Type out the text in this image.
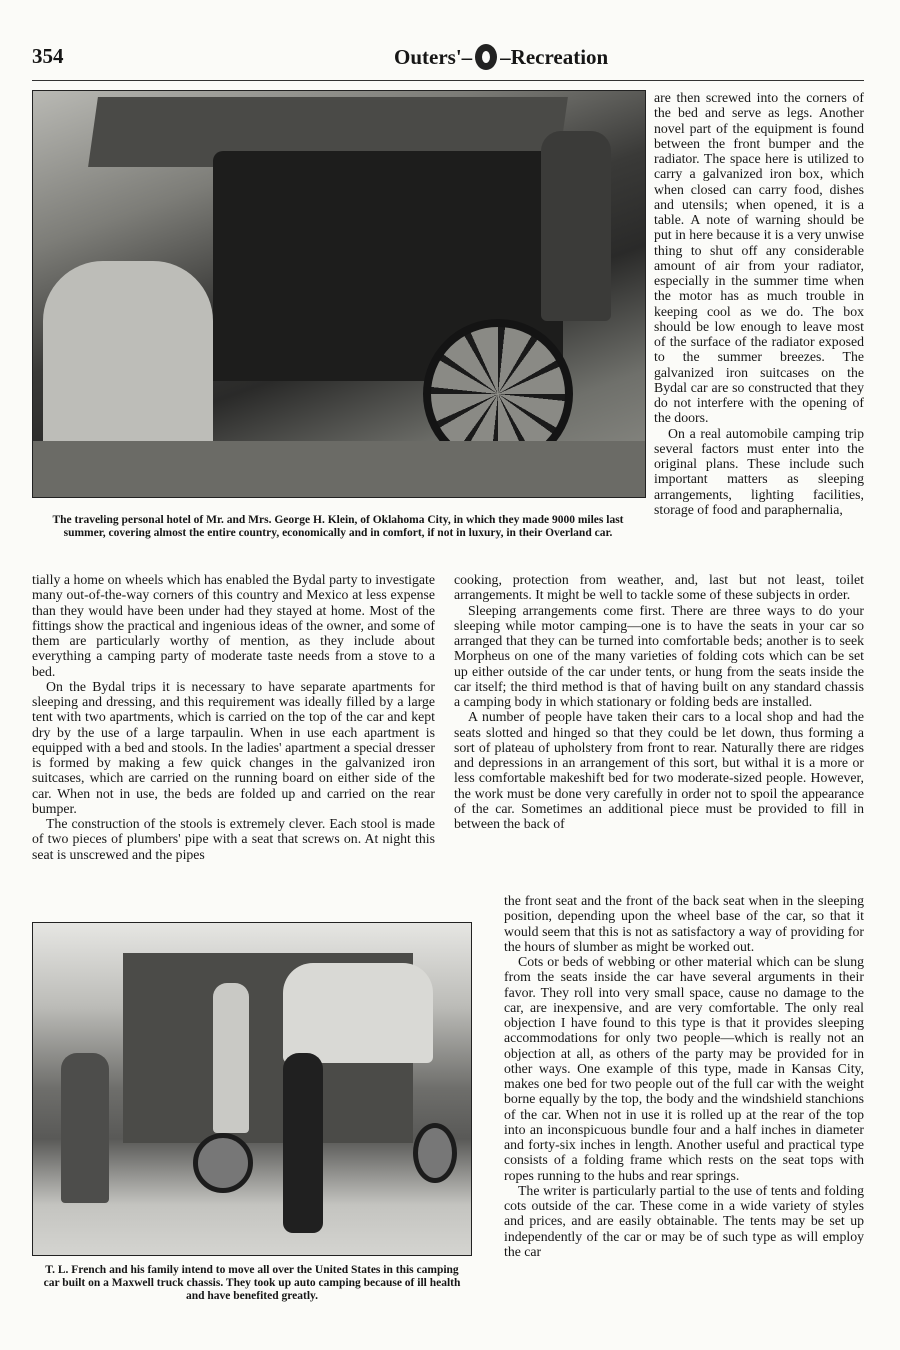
354	Outers'– –Recreation
The traveling personal hotel of Mr. and Mrs. George H. Klein, of Oklahoma City, in which they made 9000 miles last summer, covering almost the entire country, economically and in comfort, if not in luxury, in their Overland car.

are then screwed into the corners of the bed and serve as legs. Another novel part of the equipment is found between the front bumper and the radiator. The space here is utilized to carry a galvanized iron box, which when closed can carry food, dishes and utensils; when opened, it is a table. A note of warning should be put in here because it is a very unwise thing to shut off any considerable amount of air from your radiator, especially in the summer time when the motor has as much trouble in keeping cool as we do. The box should be low enough to leave most of the surface of the radiator exposed to the summer breezes. The galvanized iron suitcases on the Bydal car are so constructed that they do not interfere with the opening of the doors.

On a real automobile camping trip several factors must enter into the original plans. These include such important matters as sleeping arrangements, lighting facilities, storage of food and paraphernalia,

tially a home on wheels which has enabled the Bydal party to investigate many out-of-the-way corners of this country and Mexico at less expense than they would have been under had they stayed at home. Most of the fittings show the practical and ingenious ideas of the owner, and some of them are particularly worthy of mention, as they include about everything a camping party of moderate taste needs from a stove to a bed.

On the Bydal trips it is necessary to have separate apartments for sleeping and dressing, and this requirement was ideally filled by a large tent with two apartments, which is carried on the top of the car and kept dry by the use of a large tarpaulin. When in use each apartment is equipped with a bed and stools. In the ladies' apartment a special dresser is formed by making a few quick changes in the galvanized iron suitcases, which are carried on the running board on either side of the car. When not in use, the beds are folded up and carried on the rear bumper.

The construction of the stools is extremely clever. Each stool is made of two pieces of plumbers' pipe with a seat that screws on. At night this seat is unscrewed and the pipes

cooking, protection from weather, and, last but not least, toilet arrangements. It might be well to tackle some of these subjects in order.

Sleeping arrangements come first. There are three ways to do your sleeping while motor camping—one is to have the seats in your car so arranged that they can be turned into comfortable beds; another is to seek Morpheus on one of the many varieties of folding cots which can be set up either outside of the car under tents, or hung from the seats inside the car itself; the third method is that of having built on any standard chassis a camping body in which stationary or folding beds are installed.

A number of people have taken their cars to a local shop and had the seats slotted and hinged so that they could be let down, thus forming a sort of plateau of upholstery from front to rear. Naturally there are ridges and depressions in an arrangement of this sort, but withal it is a more or less comfortable makeshift bed for two moderate-sized people. However, the work must be done very carefully in order not to spoil the appearance of the car. Sometimes an additional piece must be provided to fill in between the back of

T. L. French and his family intend to move all over the United States in this camping car built on a Maxwell truck chassis. They took up auto camping because of ill health and have benefited greatly.

the front seat and the front of the back seat when in the sleeping position, depending upon the wheel base of the car, so that it would seem that this is not as satisfactory a way of providing for the hours of slumber as might be worked out.

Cots or beds of webbing or other material which can be slung from the seats inside the car have several arguments in their favor. They roll into very small space, cause no damage to the car, are inexpensive, and are very comfortable. The only real objection I have found to this type is that it provides sleeping accommodations for only two people—which is really not an objection at all, as others of the party may be provided for in other ways. One example of this type, made in Kansas City, makes one bed for two people out of the full car with the weight borne equally by the top, the body and the windshield stanchions of the car. When not in use it is rolled up at the rear of the top into an inconspicuous bundle four and a half inches in diameter and forty-six inches in length. Another useful and practical type consists of a folding frame which rests on the seat tops with ropes running to the hubs and rear springs.

The writer is particularly partial to the use of tents and folding cots outside of the car. These come in a wide variety of styles and prices, and are easily obtainable. The tents may be set up independently of the car or may be of such type as will employ the car
